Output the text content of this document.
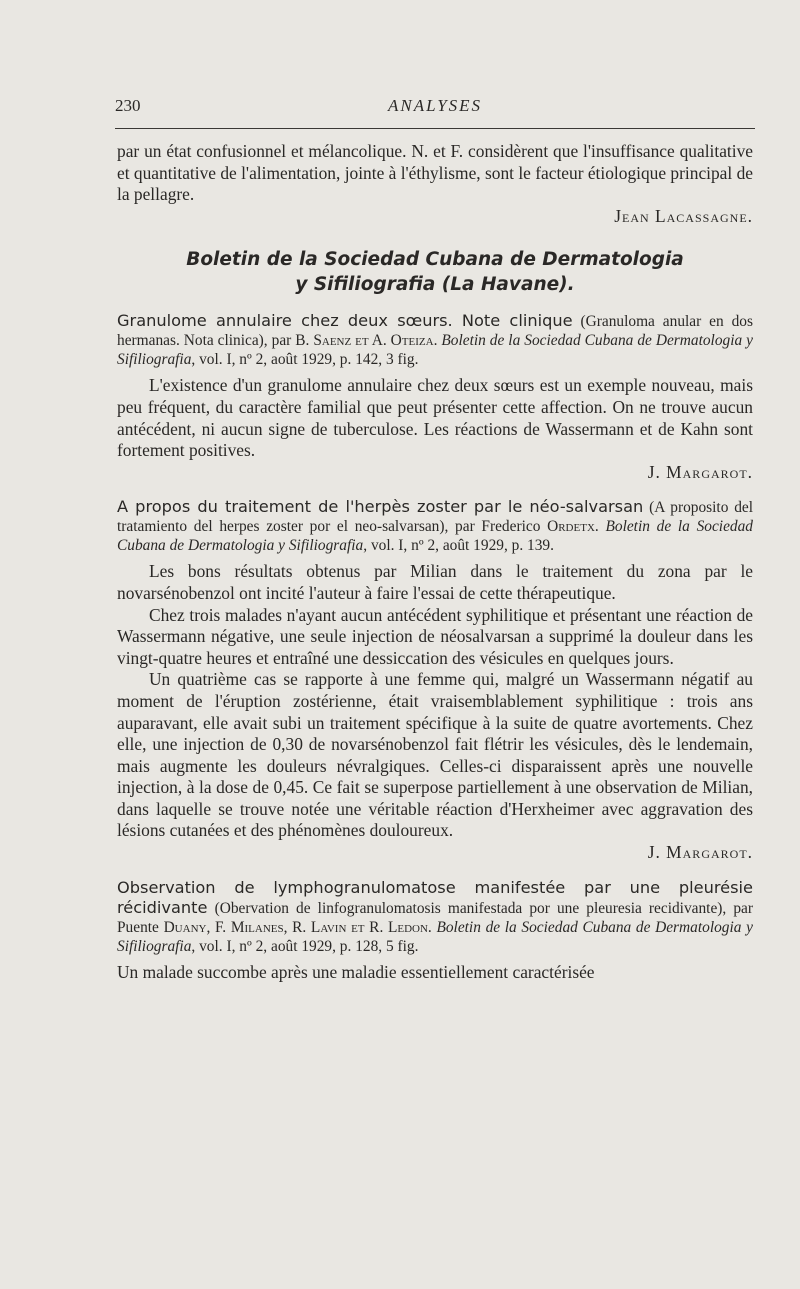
230	ANALYSES

par un état confusionnel et mélancolique. N. et F. considèrent que l'insuffisance qualitative et quantitative de l'alimentation, jointe à l'éthylisme, sont le facteur étiologique principal de la pellagre.

Jean Lacassagne.

Boletin de la Sociedad Cubana de Dermatologia
y Sifiliografia (La Havane).

Granulome annulaire chez deux sœurs. Note clinique (Granuloma anular en dos hermanas. Nota clinica), par B. Saenz et A. Oteiza. Boletin de la Sociedad Cubana de Dermatologia y Sifiliografia, vol. I, nº 2, août 1929, p. 142, 3 fig.

L'existence d'un granulome annulaire chez deux sœurs est un exemple nouveau, mais peu fréquent, du caractère familial que peut présenter cette affection. On ne trouve aucun antécédent, ni aucun signe de tuberculose. Les réactions de Wassermann et de Kahn sont fortement positives.

J. Margarot.

A propos du traitement de l'herpès zoster par le néo-salvarsan (A proposito del tratamiento del herpes zoster por el neo-salvarsan), par Frederico Ordetx. Boletin de la Sociedad Cubana de Dermatologia y Sifiliografia, vol. I, nº 2, août 1929, p. 139.

Les bons résultats obtenus par Milian dans le traitement du zona par le novarsénobenzol ont incité l'auteur à faire l'essai de cette thérapeutique.

Chez trois malades n'ayant aucun antécédent syphilitique et présentant une réaction de Wassermann négative, une seule injection de néosalvarsan a supprimé la douleur dans les vingt-quatre heures et entraîné une dessiccation des vésicules en quelques jours.

Un quatrième cas se rapporte à une femme qui, malgré un Wassermann négatif au moment de l'éruption zostérienne, était vraisemblablement syphilitique : trois ans auparavant, elle avait subi un traitement spécifique à la suite de quatre avortements. Chez elle, une injection de 0,30 de novarsénobenzol fait flétrir les vésicules, dès le lendemain, mais augmente les douleurs névralgiques. Celles-ci disparaissent après une nouvelle injection, à la dose de 0,45. Ce fait se superpose partiellement à une observation de Milian, dans laquelle se trouve notée une véritable réaction d'Herxheimer avec aggravation des lésions cutanées et des phénomènes douloureux.

J. Margarot.

Observation de lymphogranulomatose manifestée par une pleurésie récidivante (Obervation de linfogranulomatosis manifestada por une pleuresia recidivante), par Puente Duany, F. Milanes, R. Lavin et R. Ledon. Boletin de la Sociedad Cubana de Dermatologia y Sifiliografia, vol. I, nº 2, août 1929, p. 128, 5 fig.

Un malade succombe après une maladie essentiellement caractérisée
